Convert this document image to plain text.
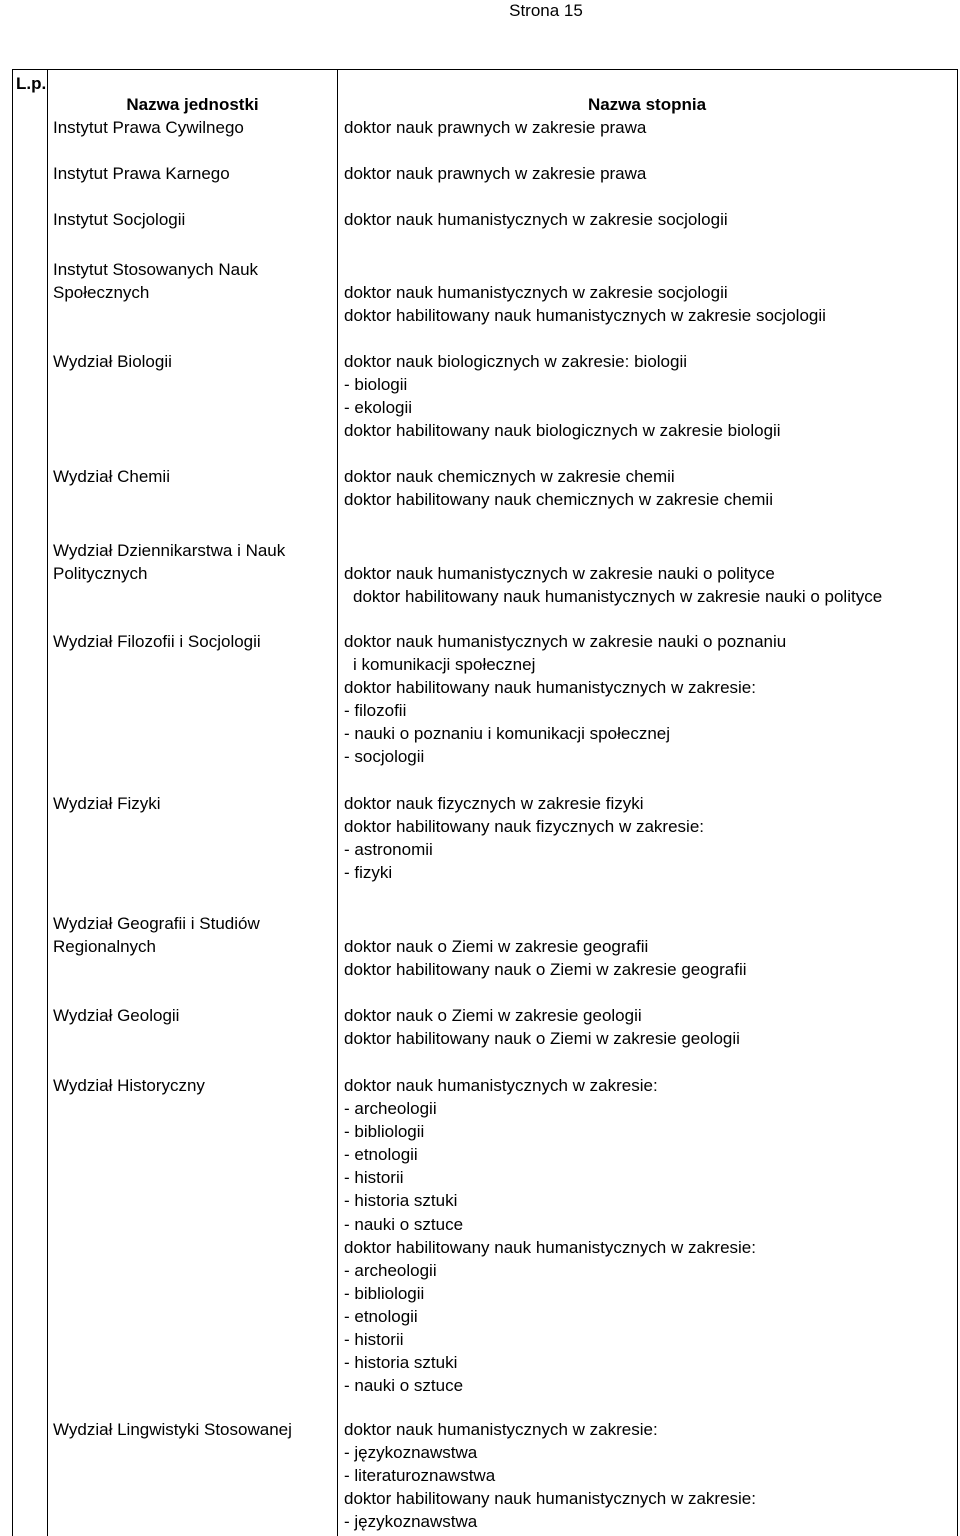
Strona 15
L.p.
Nazwa jednostki	Nazwa stopnia
Instytut Prawa Cywilnego	doktor nauk prawnych w zakresie prawa
Instytut Prawa Karnego	doktor nauk prawnych w zakresie prawa
Instytut Socjologii	doktor nauk humanistycznych w zakresie socjologii
Instytut Stosowanych Nauk
Społecznych	doktor nauk humanistycznych w zakresie socjologii
doktor habilitowany nauk humanistycznych w zakresie socjologii
Wydział Biologii	doktor nauk biologicznych w zakresie: biologii
- biologii
- ekologii
doktor habilitowany nauk biologicznych w zakresie biologii
Wydział Chemii	doktor nauk chemicznych w zakresie chemii
doktor habilitowany nauk chemicznych w zakresie chemii
Wydział Dziennikarstwa i Nauk
Politycznych	doktor nauk humanistycznych w zakresie nauki o polityce
doktor habilitowany nauk humanistycznych w zakresie nauki o polityce
Wydział Filozofii i Socjologii	doktor nauk humanistycznych w zakresie nauki o poznaniu
i komunikacji społecznej
doktor habilitowany nauk humanistycznych w zakresie:
- filozofii
- nauki o poznaniu i komunikacji społecznej
- socjologii
Wydział Fizyki	doktor nauk fizycznych w zakresie fizyki
doktor habilitowany nauk fizycznych w zakresie:
- astronomii
- fizyki
Wydział Geografii i Studiów
Regionalnych	doktor nauk o Ziemi w zakresie geografii
doktor habilitowany nauk o Ziemi w zakresie geografii
Wydział Geologii	doktor nauk o Ziemi w zakresie geologii
doktor habilitowany nauk o Ziemi w zakresie geologii
Wydział Historyczny	doktor nauk humanistycznych w zakresie:
- archeologii
- bibliologii
- etnologii
- historii
- historia sztuki
- nauki o sztuce
doktor habilitowany nauk humanistycznych w zakresie:
- archeologii
- bibliologii
- etnologii
- historii
- historia sztuki
- nauki o sztuce
Wydział Lingwistyki Stosowanej	doktor nauk humanistycznych w zakresie:
- językoznawstwa
- literaturoznawstwa
doktor habilitowany nauk humanistycznych w zakresie:
- językoznawstwa
